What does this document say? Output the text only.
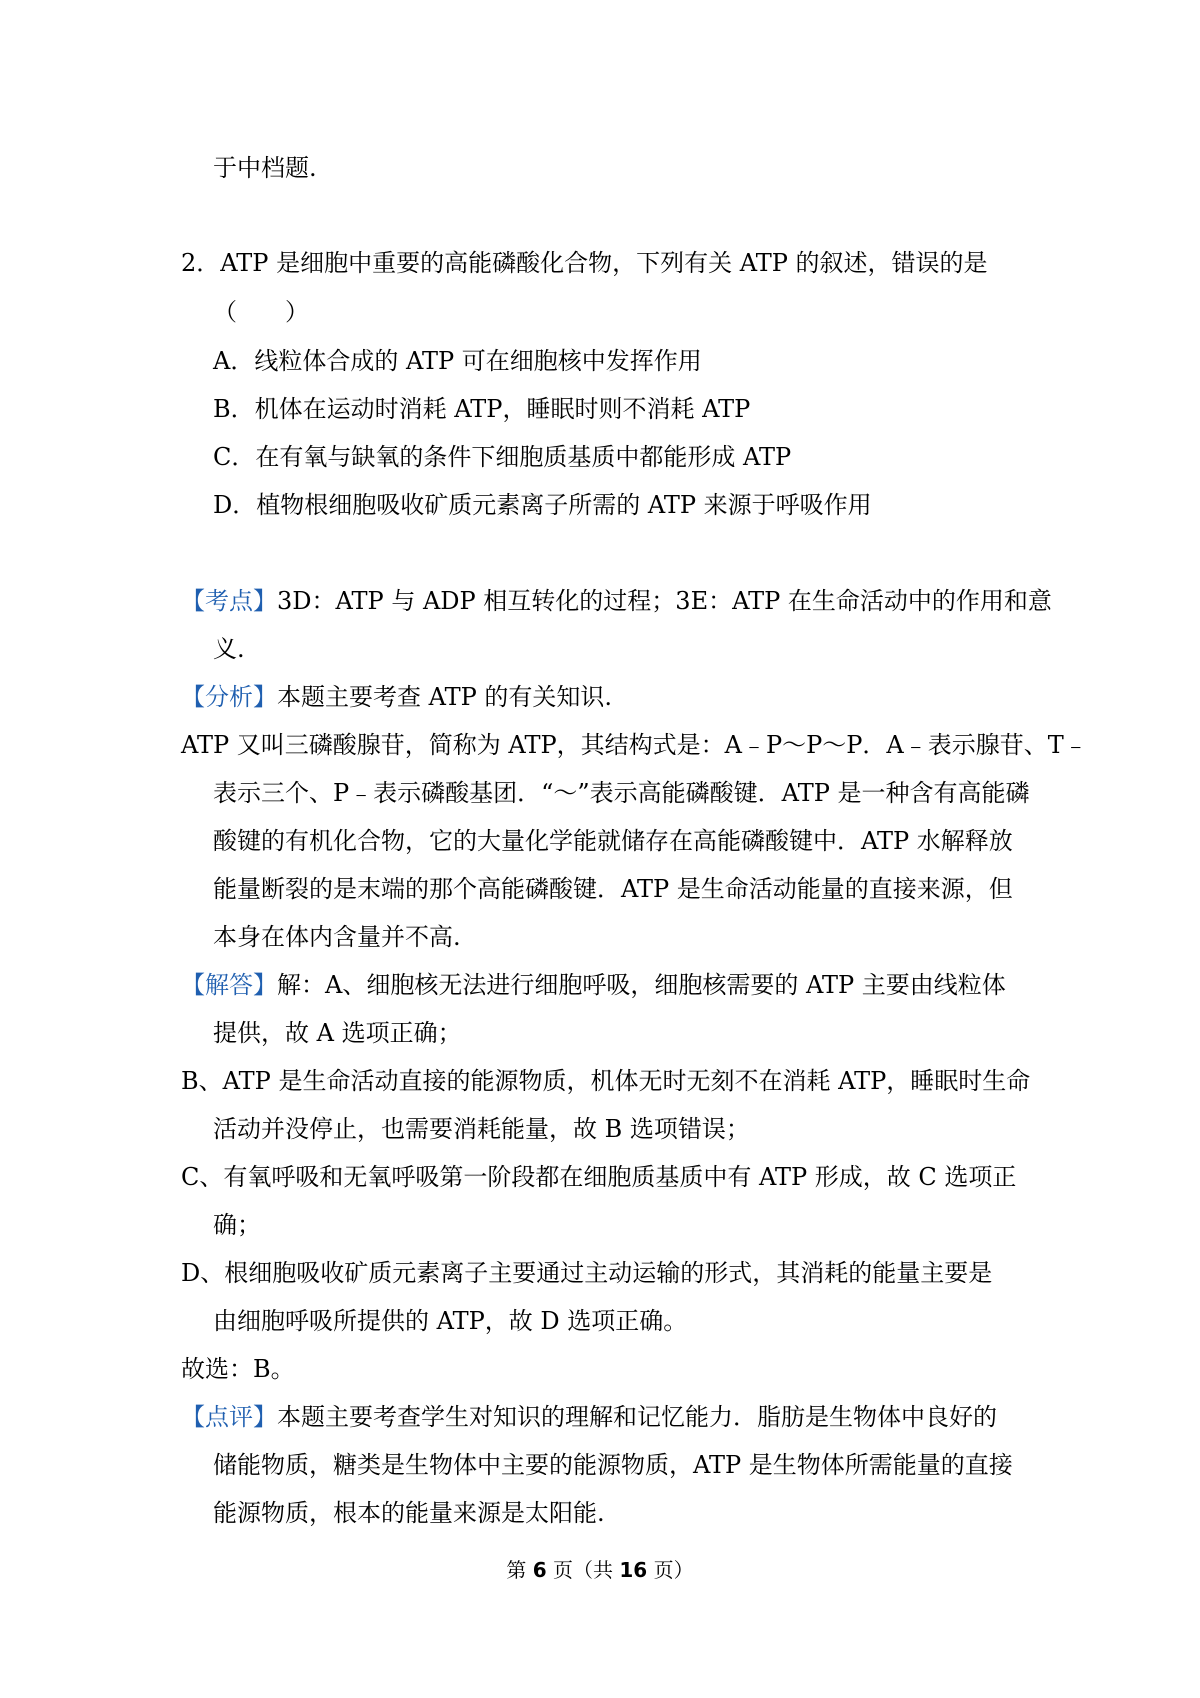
于中档题.
2．ATP 是细胞中重要的高能磷酸化合物，下列有关 ATP 的叙述，错误的是
（　　）
A．线粒体合成的 ATP 可在细胞核中发挥作用
B．机体在运动时消耗 ATP，睡眠时则不消耗 ATP
C．在有氧与缺氧的条件下细胞质基质中都能形成 ATP
D．植物根细胞吸收矿质元素离子所需的 ATP 来源于呼吸作用
【考点】3D：ATP 与 ADP 相互转化的过程；3E：ATP 在生命活动中的作用和意
义.
【分析】本题主要考查 ATP 的有关知识.
ATP 又叫三磷酸腺苷，简称为 ATP，其结构式是：A﹣P～P～P．A﹣表示腺苷、T﹣
表示三个、P﹣表示磷酸基团．“～”表示高能磷酸键．ATP 是一种含有高能磷
酸键的有机化合物，它的大量化学能就储存在高能磷酸键中．ATP 水解释放
能量断裂的是末端的那个高能磷酸键．ATP 是生命活动能量的直接来源，但
本身在体内含量并不高.
【解答】解：A、细胞核无法进行细胞呼吸，细胞核需要的 ATP 主要由线粒体
提供，故 A 选项正确；
B、ATP 是生命活动直接的能源物质，机体无时无刻不在消耗 ATP，睡眠时生命
活动并没停止，也需要消耗能量，故 B 选项错误；
C、有氧呼吸和无氧呼吸第一阶段都在细胞质基质中有 ATP 形成，故 C 选项正
确；
D、根细胞吸收矿质元素离子主要通过主动运输的形式，其消耗的能量主要是
由细胞呼吸所提供的 ATP，故 D 选项正确。
故选：B。
【点评】本题主要考查学生对知识的理解和记忆能力．脂肪是生物体中良好的
储能物质，糖类是生物体中主要的能源物质，ATP 是生物体所需能量的直接
能源物质，根本的能量来源是太阳能.
第 6 页（共 16 页）
